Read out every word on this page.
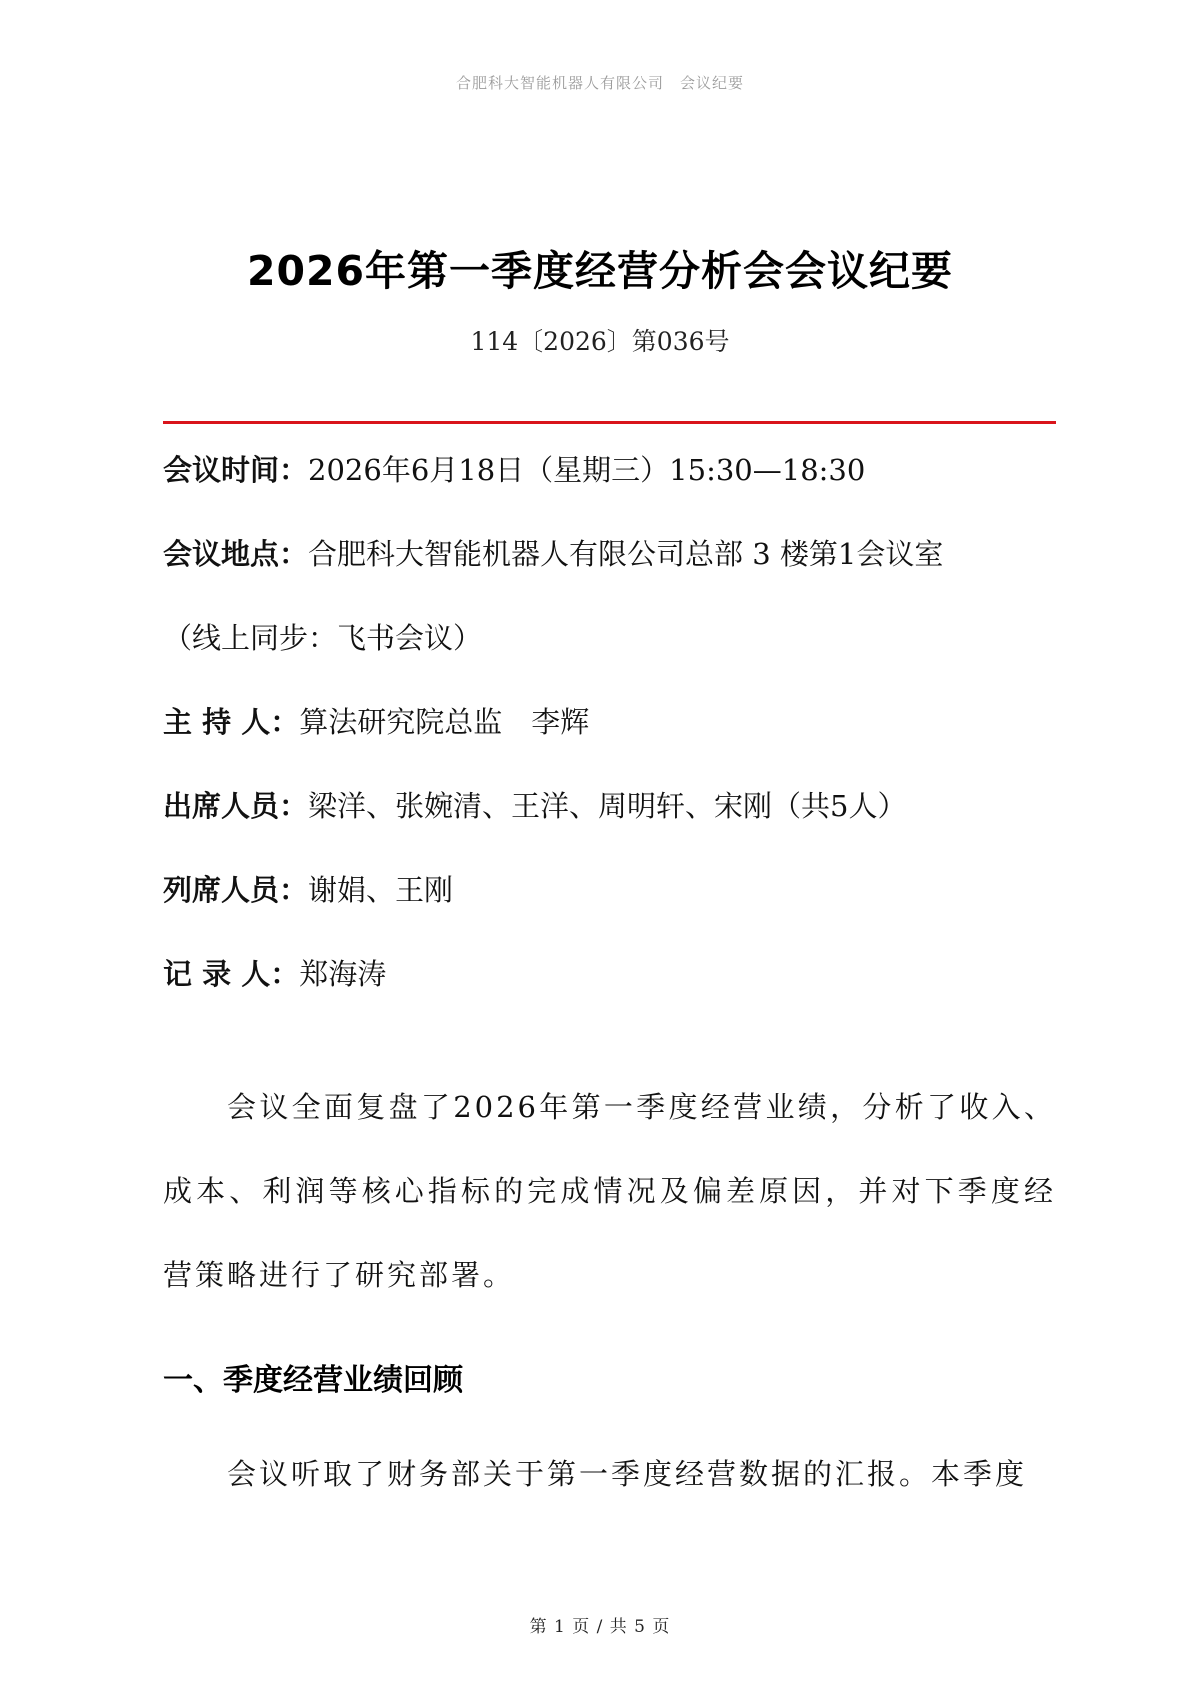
合肥科大智能机器人有限公司　会议纪要
2026年第一季度经营分析会会议纪要
114〔2026〕第036号
会议时间：2026年6月18日（星期三）15:30—18:30
会议地点：合肥科大智能机器人有限公司总部 3 楼第1会议室
（线上同步：飞书会议）
主 持 人：算法研究院总监　李辉
出席人员：梁洋、张婉清、王洋、周明轩、宋刚（共5人）
列席人员：谢娟、王刚
记 录 人：郑海涛
会议全面复盘了2026年第一季度经营业绩，分析了收入、成本、利润等核心指标的完成情况及偏差原因，并对下季度经营策略进行了研究部署。
一、季度经营业绩回顾
会议听取了财务部关于第一季度经营数据的汇报。本季度
第 1 页 / 共 5 页
